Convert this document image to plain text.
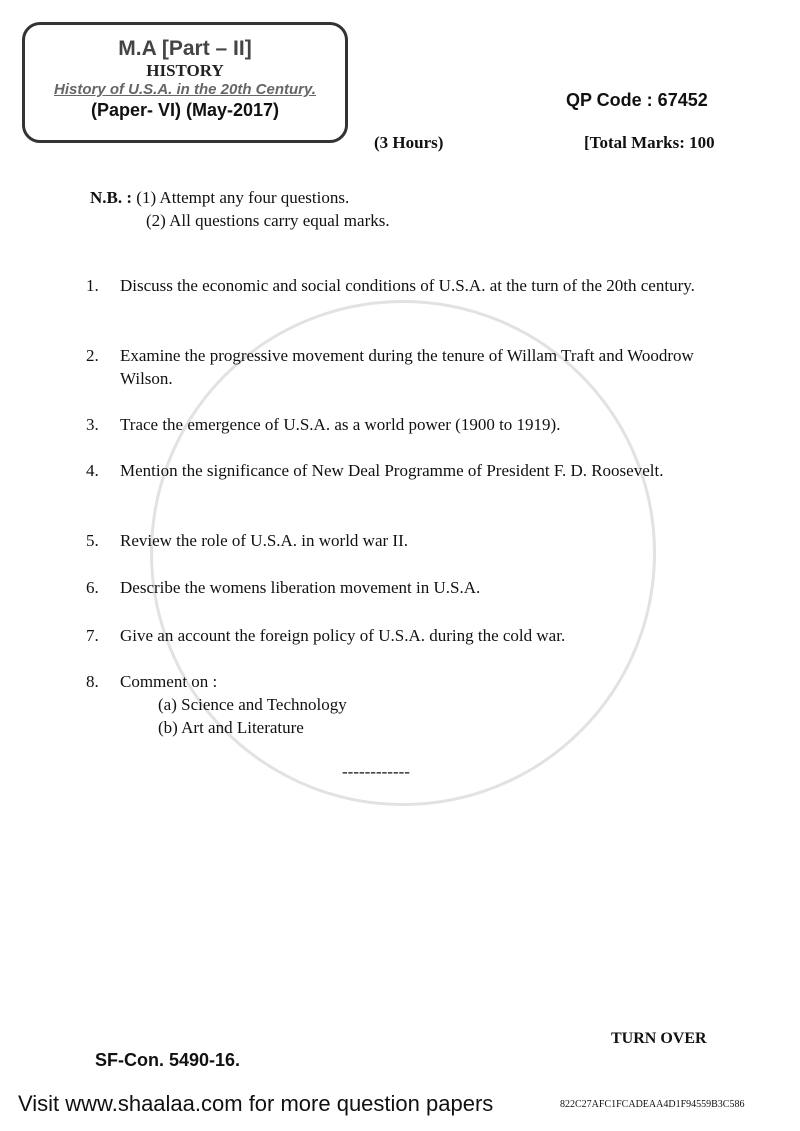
M.A [Part – II]
HISTORY
History of U.S.A. in the 20th Century.
(Paper- VI) (May-2017)	QP Code : 67452
(3 Hours)	[Total Marks: 100
N.B. : (1) Attempt any four questions.
(2) All questions carry equal marks.
1. Discuss the economic and social conditions of U.S.A. at the turn of the 20th century.
2. Examine the progressive movement during the tenure of Willam Traft and Woodrow Wilson.
3. Trace the emergence of U.S.A. as a world power (1900 to 1919).
4. Mention the significance of New Deal Programme of President F. D. Roosevelt.
5. Review the role of U.S.A. in world war II.
6. Describe the womens liberation movement in U.S.A.
7. Give an account the foreign policy of U.S.A. during the cold war.
8. Comment on :
(a) Science and Technology
(b) Art and Literature
------------
TURN OVER
SF-Con. 5490-16.
Visit www.shaalaa.com for more question papers	822C27AFC1FCADEAA4D1F94559B3C586
